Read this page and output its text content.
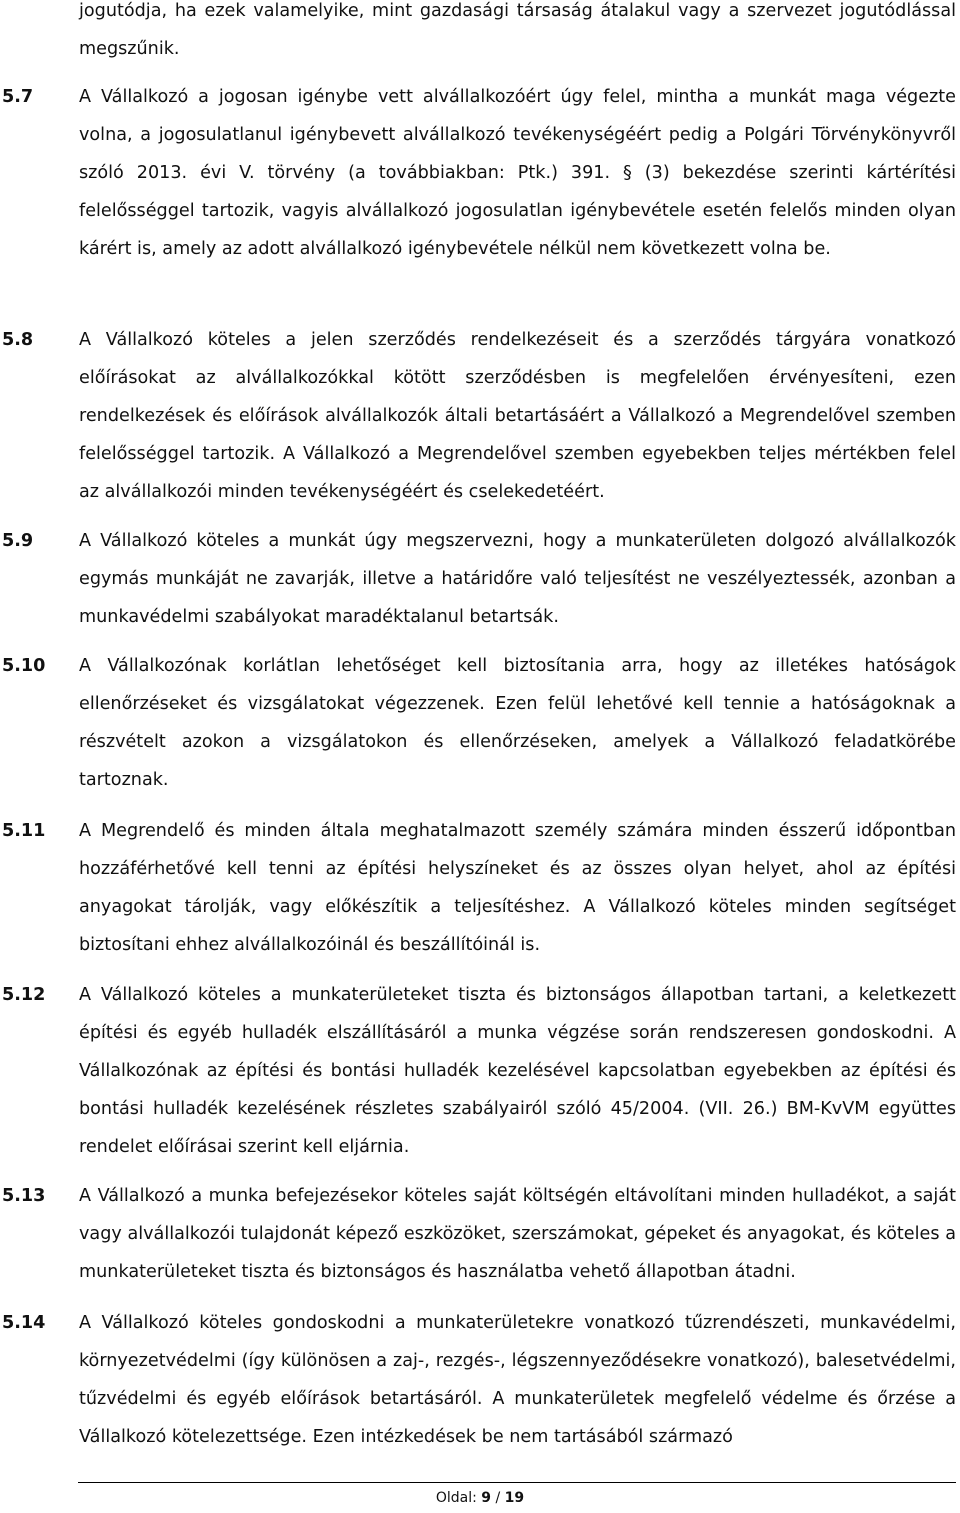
jogutódja, ha ezek valamelyike, mint gazdasági társaság átalakul vagy a szervezet jogutódlással megszűnik.

5.7	A Vállalkozó a jogosan igénybe vett alvállalkozóért úgy felel, mintha a munkát maga végezte volna, a jogosulatlanul igénybevett alvállalkozó tevékenységéért pedig a Polgári Törvénykönyvről szóló 2013. évi V. törvény (a továbbiakban: Ptk.) 391. § (3) bekezdése szerinti kártérítési felelősséggel tartozik, vagyis alvállalkozó jogosulatlan igénybevétele esetén felelős minden olyan kárért is, amely az adott alvállalkozó igénybevétele nélkül nem következett volna be.

5.8	A Vállalkozó köteles a jelen szerződés rendelkezéseit és a szerződés tárgyára vonatkozó előírásokat az alvállalkozókkal kötött szerződésben is megfelelően érvényesíteni, ezen rendelkezések és előírások alvállalkozók általi betartásáért a Vállalkozó a Megrendelővel szemben felelősséggel tartozik. A Vállalkozó a Megrendelővel szemben egyebekben teljes mértékben felel az alvállalkozói minden tevékenységéért és cselekedetéért.

5.9	A Vállalkozó köteles a munkát úgy megszervezni, hogy a munkaterületen dolgozó alvállalkozók egymás munkáját ne zavarják, illetve a határidőre való teljesítést ne veszélyeztessék, azonban a munkavédelmi szabályokat maradéktalanul betartsák.

5.10	A Vállalkozónak korlátlan lehetőséget kell biztosítania arra, hogy az illetékes hatóságok ellenőrzéseket és vizsgálatokat végezzenek. Ezen felül lehetővé kell tennie a hatóságoknak a részvételt azokon a vizsgálatokon és ellenőrzéseken, amelyek a Vállalkozó feladatkörébe tartoznak.

5.11	A Megrendelő és minden általa meghatalmazott személy számára minden ésszerű időpontban hozzáférhetővé kell tenni az építési helyszíneket és az összes olyan helyet, ahol az építési anyagokat tárolják, vagy előkészítik a teljesítéshez. A Vállalkozó köteles minden segítséget biztosítani ehhez alvállalkozóinál és beszállítóinál is.

5.12	A Vállalkozó köteles a munkaterületeket tiszta és biztonságos állapotban tartani, a keletkezett építési és egyéb hulladék elszállításáról a munka végzése során rendszeresen gondoskodni. A Vállalkozónak az építési és bontási hulladék kezelésével kapcsolatban egyebekben az építési és bontási hulladék kezelésének részletes szabályairól szóló 45/2004. (VII. 26.) BM-KvVM együttes rendelet előírásai szerint kell eljárnia.

5.13	A Vállalkozó a munka befejezésekor köteles saját költségén eltávolítani minden hulladékot, a saját vagy alvállalkozói tulajdonát képező eszközöket, szerszámokat, gépeket és anyagokat, és köteles a munkaterületeket tiszta és biztonságos és használatba vehető állapotban átadni.

5.14	A Vállalkozó köteles gondoskodni a munkaterületekre vonatkozó tűzrendészeti, munkavédelmi, környezetvédelmi (így különösen a zaj-, rezgés-, légszennyeződésekre vonatkozó), balesetvédelmi, tűzvédelmi és egyéb előírások betartásáról. A munkaterületek megfelelő védelme és őrzése a Vállalkozó kötelezettsége. Ezen intézkedések be nem tartásából származó

Oldal: 9 / 19
